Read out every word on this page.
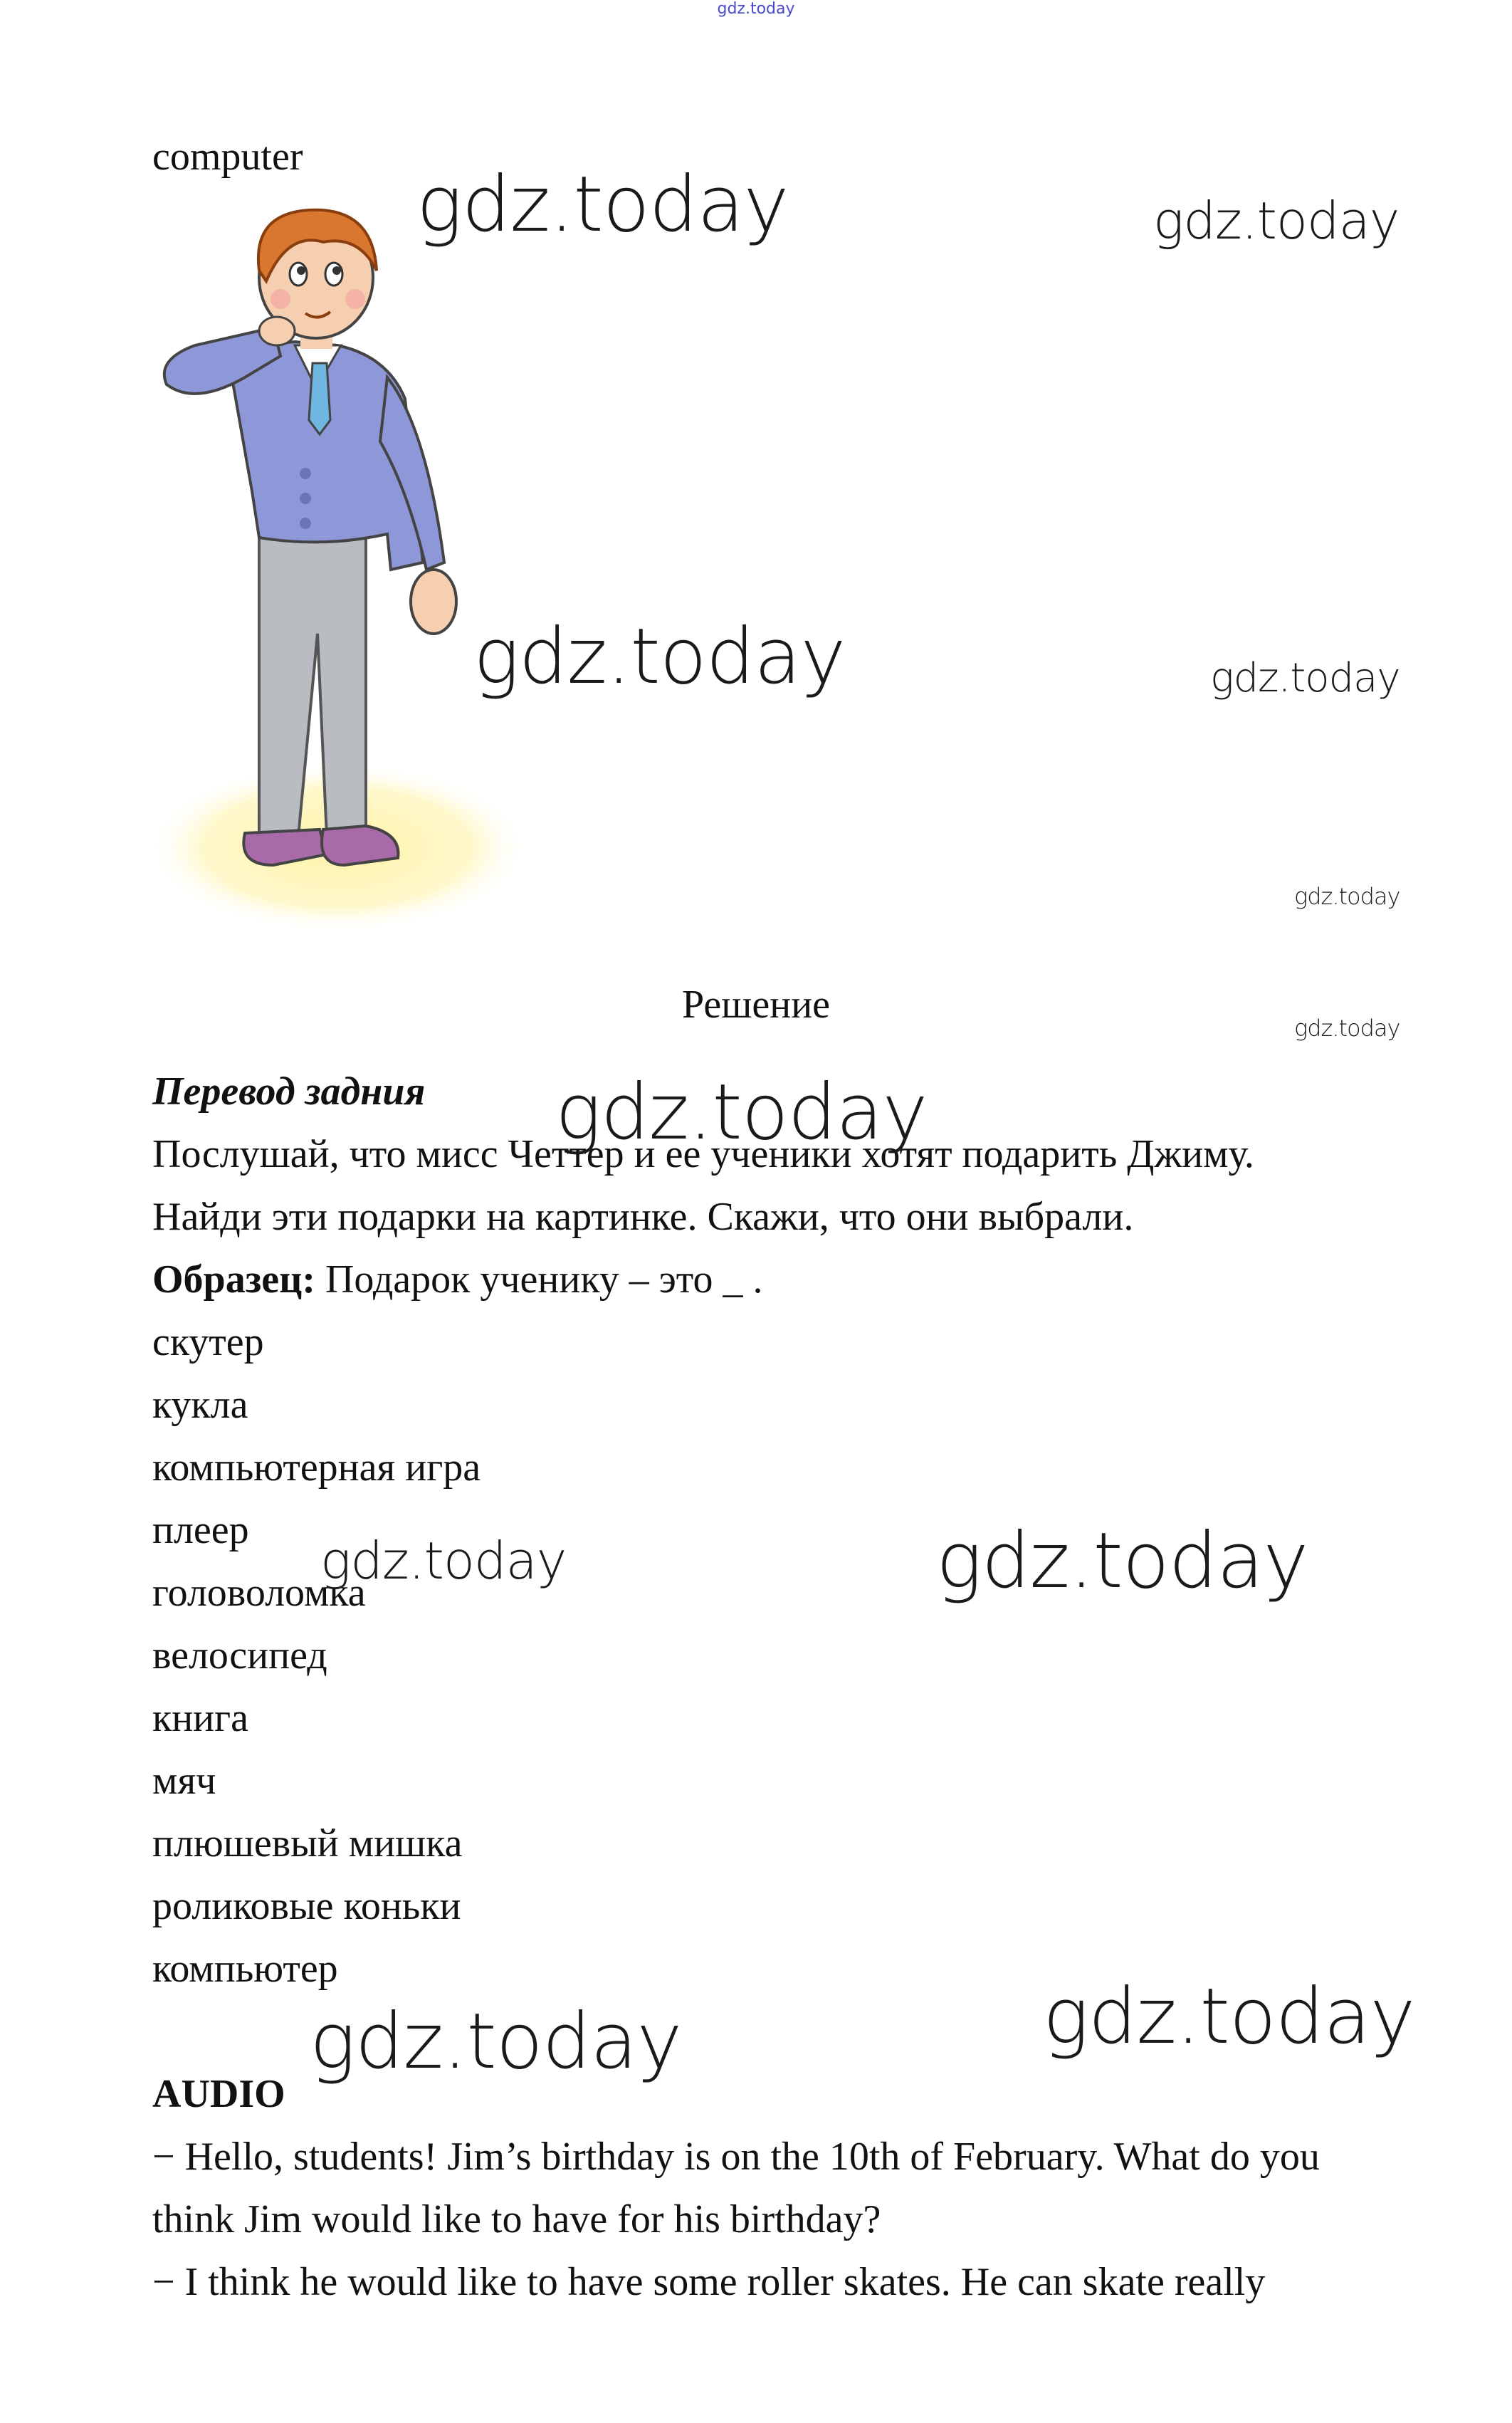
gdz.today
computer
Решение
Перевод задния
Послушай, что мисс Четтер и ее ученики хотят подарить Джиму.
Найди эти подарки на картинке. Скажи, что они выбрали.
Образец: Подарок ученику – это _ .
скутер
кукла
компьютерная игра
плеер
головоломка
велосипед
книга
мяч
плюшевый мишка
роликовые коньки
компьютер
AUDIO
− Hello, students! Jim’s birthday is on the 10th of February. What do you
think Jim would like to have for his birthday?
− I think he would like to have some roller skates. He can skate really
gdz.today	gdz.today
gdz.today	gdz.today
gdz.today
gdz.today
gdz.today
gdz.today	gdz.today
gdz.today	gdz.today
